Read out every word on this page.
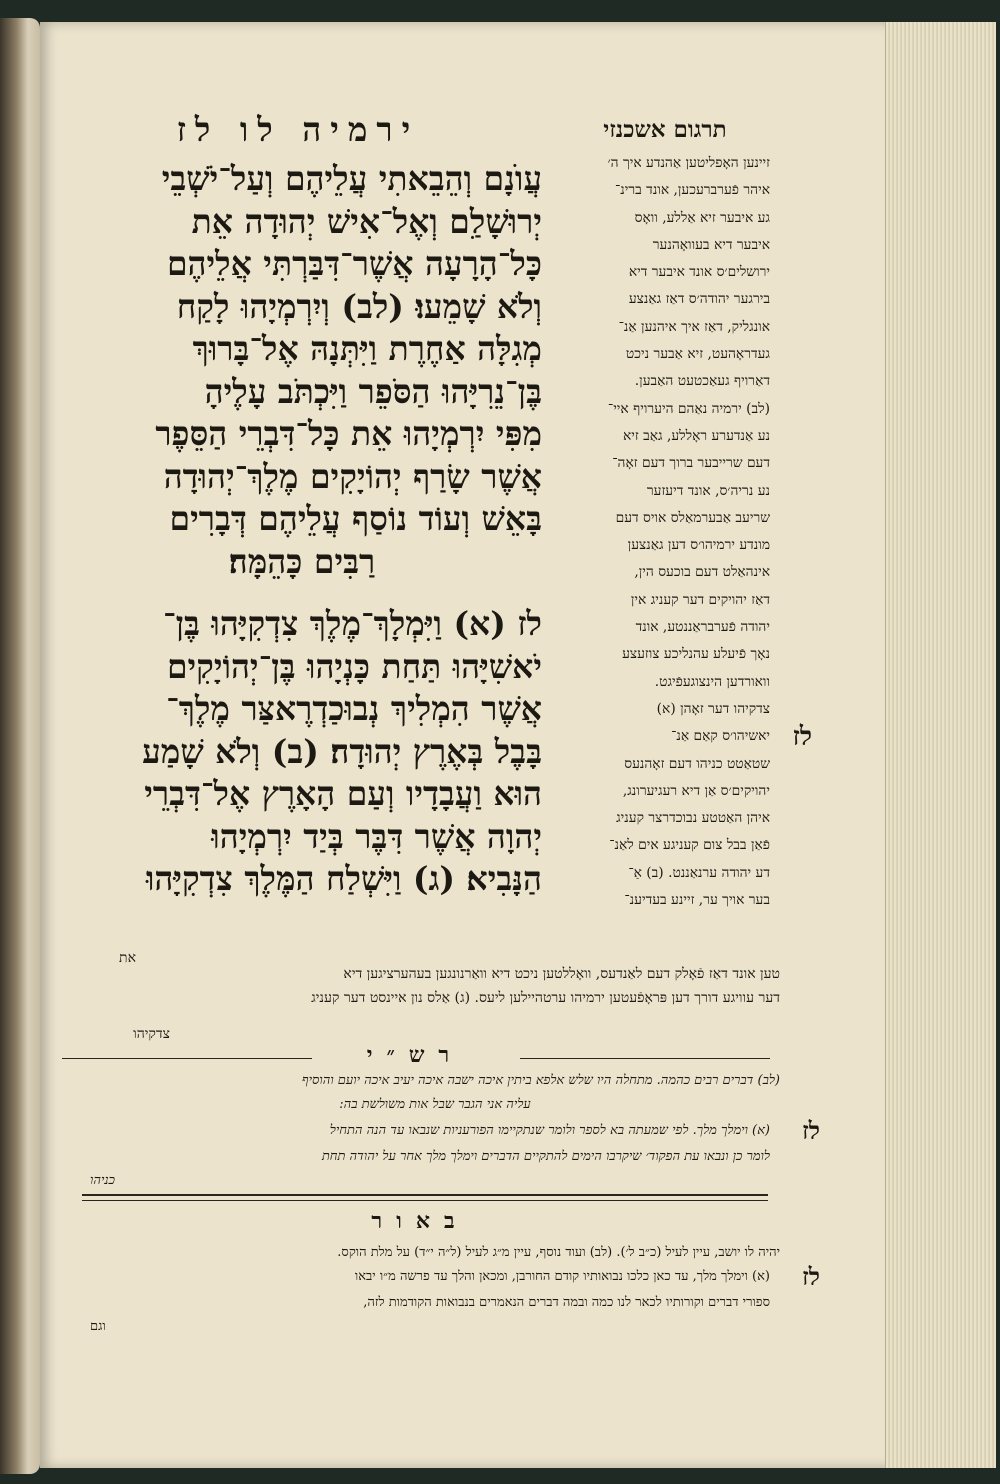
ירמיה לו לז	תרגום אשכנזי
עֲוֺנָם וְהֵבֵאתִי עֲלֵיהֶם וְעַל־יֹשְׁבֵי
יְרוּשָׁלַ͏ִם וְאֶל־אִישׁ יְהוּדָה אֵת
כָּל־הָרָעָה אֲשֶׁר־דִּבַּרְתִּי אֲלֵיהֶם
וְלֹא שָׁמֵעוּ׃ (לב) וְיִרְמְיָהוּ לָקַח
מְגִלָּה אַחֶרֶת וַיִּתְּנָהּ אֶל־בָּרוּךְ
בֶּן־נֵרִיָּהוּ הַסֹּפֵר וַיִּכְתֹּב עָלֶיהָ
מִפִּי יִרְמְיָהוּ אֵת כָּל־דִּבְרֵי הַסֵּפֶר
אֲשֶׁר שָׂרַף יְהוֹיָקִים מֶלֶךְ־יְהוּדָה
בָּאֵשׁ וְעוֹד נוֹסַף עֲלֵיהֶם דְּבָרִים
רַבִּים כָּהֵמָּה׃
לז (א) וַיִּמְלָךְ־מֶלֶךְ צִדְקִיָּהוּ בֶּן־
יֹאשִׁיָּהוּ תַּחַת כָּנְיָהוּ בֶּן־יְהוֹיָקִים
אֲשֶׁר הִמְלִיךְ נְבוּכַדְרֶאצַּר מֶלֶךְ־
בָּבֶל בְּאֶרֶץ יְהוּדָה׃ (ב) וְלֹא שָׁמַע
הוּא וַעֲבָדָיו וְעַם הָאָרֶץ אֶל־דִּבְרֵי
יְהוָה אֲשֶׁר דִּבֶּר בְּיַד יִרְמְיָהוּ
הַנָּבִיא׃ (ג) וַיִּשְׁלַח הַמֶּלֶךְ צִדְקִיָּהוּ
זיינען האָפליטען אַהנדע איך ה׳
איהר פֿערברעכען, אונד ברינ־
גע איבער זיא אַללע, וואָס
איבער דיא בעוואָהנער
ירושלים׳ס אונד איבער דיא
בירגער יהודה׳ס דאַז גאַנצע
אונגליק, דאַז איך איהנען אַנ־
געדראָהעט, זיא אַבער ניכט
דאַרויף געאַכטעט האַבען.
(לב) ירמיה נאַהם היערויף איי־
נע אַנדערע ראָללע, גאַב זיא
דעם שרייבער ברוך דעם זאָה־
נע נריה׳ס, אונד דיעזער
שריעב אַבערמאַלס אויס דעם
מונדע ירמיהו׳ס דען גאַנצען
אינהאַלט דעם בוכעס הין,
דאַז יהויקים דער קעניג אין
יהודה פֿערבראַננטע, אונד
נאָך פֿיעלע עהנליכע צוזעצע
וואורדען הינצוגעפֿיגט.
צדקיהו דער זאָהן (א)
יאשיהו׳ס קאַם אַנ־
שטאַטט כניהו דעם זאָהנעס
יהויקים׳ס אַן דיא רעגיערונג,
איהן האַטטע נבוכדרצר קעניג
פֿאַן בבל צום קעניגע אים לאַנ־
דע יהודה ערנאַננט. (ב) אַ־
בער אויך ער, זיינע בעדיענ־
לז
את
טען אונד דאַז פֿאָלק דעם לאַנדעס, וואָללטען ניכט דיא וואַרנונגען בעהערציגען דיא
דער עוויגע דורך דען פּראָפֿעטען ירמיהו ערטהיילען ליעס. (ג) אַלס נון איינסט דער קעניג
צדקיהו
רש״י
(לב) דברים רבים כהמה. מתחלה היו שלש אלפא ביתין איכה ישבה איכה יעיב איכה יועם והוסיף
עליה אני הגבר שבל אות משולשת בה:
לז
(א) וימלך מלך. לפי שמעתה בא לספר ולומר שנתקיימו הפורעניות שנבאו עד הנה התחיל
לומר כן ונבאו עת הפקוד׳ שיקרבו הימים להתקיים הדברים וימלך מלך אחר על יהודה תחת
כניהו
באור
יהיה לו יושב, עיין לעיל (כ״ב ל׳). (לב) ועוד נוסף, עיין מ״ג לעיל (ל״ה י״ד) על מלת הוקס.
לז
(א) וימלך מלך, עד כאן כלכו נבואותיו קודם החורבן, ומכאן והלך עד פרשה מ״ו יבאו
ספורי דברים וקורותיו לכאר לנו כמה ובמה דברים הנאמרים בנבואות הקודמות לזה,
וגם
